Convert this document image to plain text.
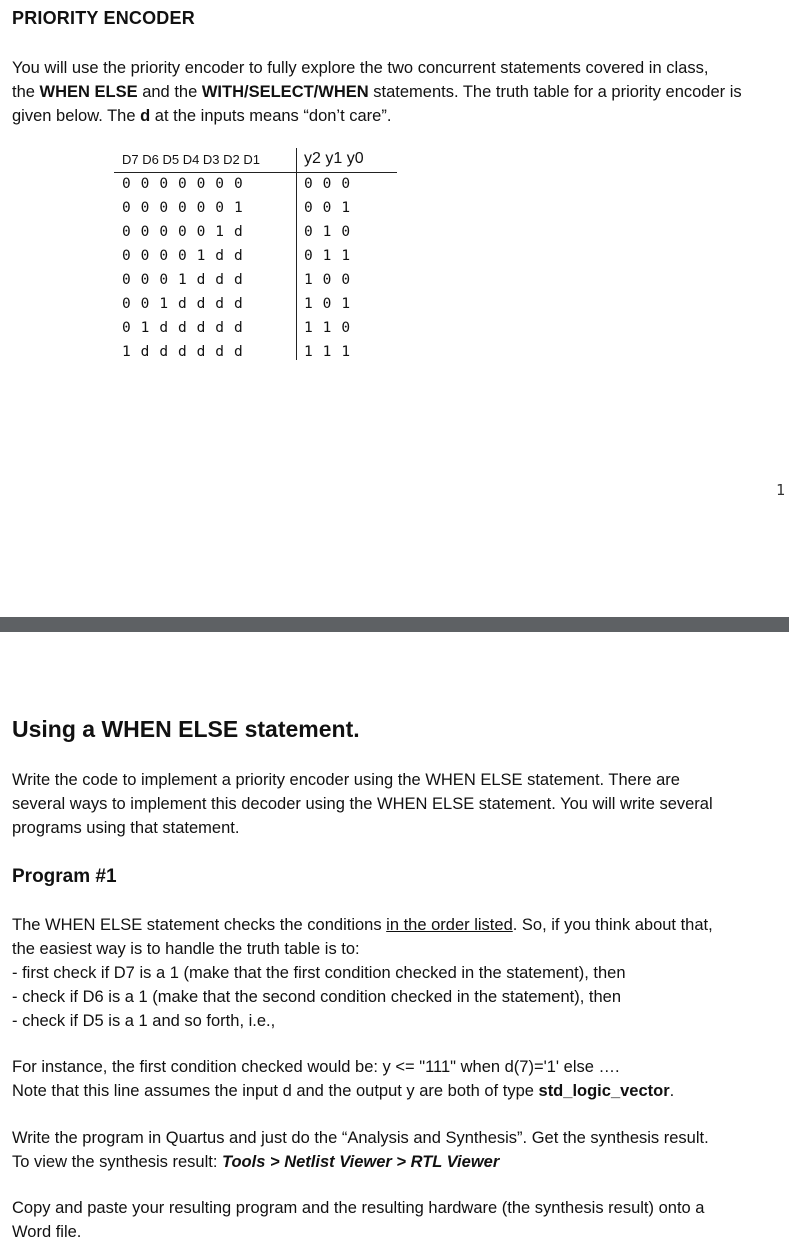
PRIORITY ENCODER
You will use the priority encoder to fully explore the two concurrent statements covered in class,
the WHEN ELSE and the WITH/SELECT/WHEN statements. The truth table for a priority encoder is
given below. The d at the inputs means “don’t care”.
D7 D6 D5 D4 D3 D2 D1	y2 y1 y0
0 0 0 0 0 0 0	0 0 0
0 0 0 0 0 0 1	0 0 1
0 0 0 0 0 1 d	0 1 0
0 0 0 0 1 d d	0 1 1
0 0 0 1 d d d	1 0 0
0 0 1 d d d d	1 0 1
0 1 d d d d d	1 1 0
1 d d d d d d	1 1 1
1
Using a WHEN ELSE statement.
Write the code to implement a priority encoder using the WHEN ELSE statement. There are
several ways to implement this decoder using the WHEN ELSE statement. You will write several
programs using that statement.
Program #1
The WHEN ELSE statement checks the conditions in the order listed. So, if you think about that,
the easiest way is to handle the truth table is to:
- first check if D7 is a 1 (make that the first condition checked in the statement), then
- check if D6 is a 1 (make that the second condition checked in the statement), then
- check if D5 is a 1 and so forth, i.e.,
For instance, the first condition checked would be: y <= "111" when d(7)='1' else ….
Note that this line assumes the input d and the output y are both of type std_logic_vector.
Write the program in Quartus and just do the “Analysis and Synthesis”. Get the synthesis result.
To view the synthesis result: Tools > Netlist Viewer > RTL Viewer
Copy and paste your resulting program and the resulting hardware (the synthesis result) onto a
Word file.
